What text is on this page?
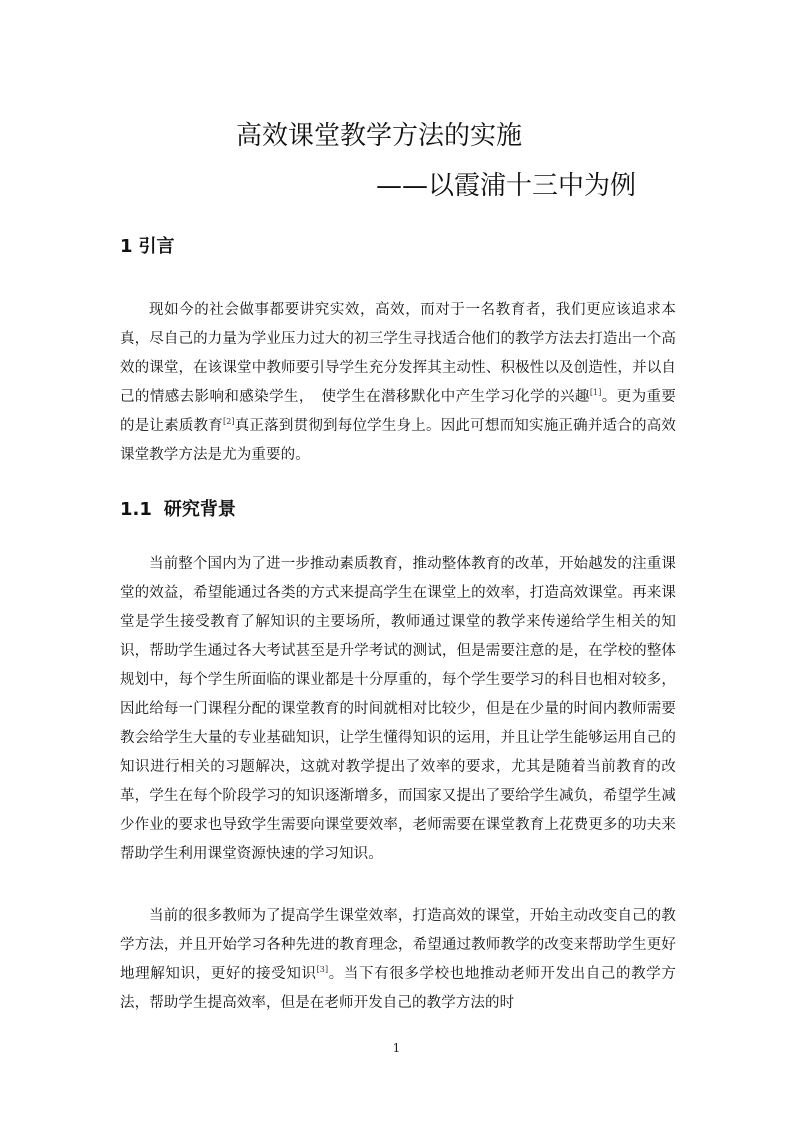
高效课堂教学方法的实施
——以霞浦十三中为例
1 引言

现如今的社会做事都要讲究实效，高效，而对于一名教育者，我们更应该追求本真，尽自己的力量为学业压力过大的初三学生寻找适合他们的教学方法去打造出一个高效的课堂，在该课堂中教师要引导学生充分发挥其主动性、积极性以及创造性，并以自己的情感去影响和感染学生，　使学生在潜移默化中产生学习化学的兴趣[1]。更为重要的是让素质教育[2]真正落到贯彻到每位学生身上。因此可想而知实施正确并适合的高效课堂教学方法是尤为重要的。

1.1 研究背景

当前整个国内为了进一步推动素质教育，推动整体教育的改革，开始越发的注重课堂的效益，希望能通过各类的方式来提高学生在课堂上的效率，打造高效课堂。再来课堂是学生接受教育了解知识的主要场所，教师通过课堂的教学来传递给学生相关的知识，帮助学生通过各大考试甚至是升学考试的测试，但是需要注意的是，在学校的整体规划中，每个学生所面临的课业都是十分厚重的，每个学生要学习的科目也相对较多，因此给每一门课程分配的课堂教育的时间就相对比较少，但是在少量的时间内教师需要教会给学生大量的专业基础知识，让学生懂得知识的运用，并且让学生能够运用自己的知识进行相关的习题解决，这就对教学提出了效率的要求，尤其是随着当前教育的改革，学生在每个阶段学习的知识逐渐增多，而国家又提出了要给学生减负，希望学生减少作业的要求也导致学生需要向课堂要效率，老师需要在课堂教育上花费更多的功夫来帮助学生利用课堂资源快速的学习知识。

当前的很多教师为了提高学生课堂效率，打造高效的课堂，开始主动改变自己的教学方法，并且开始学习各种先进的教育理念，希望通过教师教学的改变来帮助学生更好地理解知识，更好的接受知识[3]。当下有很多学校也地推动老师开发出自己的教学方法，帮助学生提高效率，但是在老师开发自己的教学方法的时

1
